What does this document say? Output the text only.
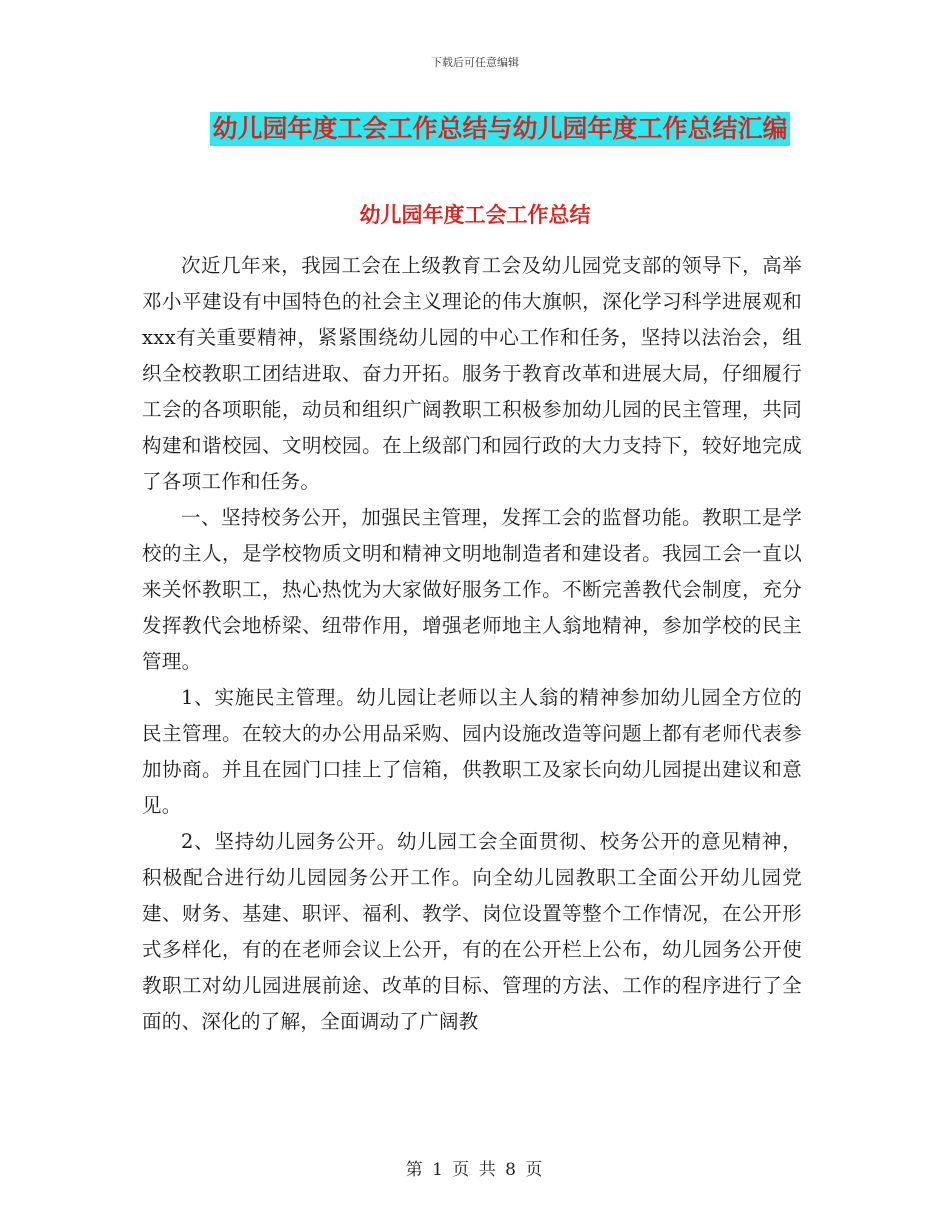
下载后可任意编辑
幼儿园年度工会工作总结与幼儿园年度工作总结汇编
幼儿园年度工会工作总结

次近几年来，我园工会在上级教育工会及幼儿园党支部的领导下，高举邓小平建设有中国特色的社会主义理论的伟大旗帜，深化学习科学进展观和xxx有关重要精神，紧紧围绕幼儿园的中心工作和任务，坚持以法治会，组织全校教职工团结进取、奋力开拓。服务于教育改革和进展大局，仔细履行工会的各项职能，动员和组织广阔教职工积极参加幼儿园的民主管理，共同构建和谐校园、文明校园。在上级部门和园行政的大力支持下，较好地完成了各项工作和任务。

一、坚持校务公开，加强民主管理，发挥工会的监督功能。教职工是学校的主人，是学校物质文明和精神文明地制造者和建设者。我园工会一直以来关怀教职工，热心热忱为大家做好服务工作。不断完善教代会制度，充分发挥教代会地桥梁、纽带作用，增强老师地主人翁地精神，参加学校的民主管理。

1、实施民主管理。幼儿园让老师以主人翁的精神参加幼儿园全方位的民主管理。在较大的办公用品采购、园内设施改造等问题上都有老师代表参加协商。并且在园门口挂上了信箱，供教职工及家长向幼儿园提出建议和意见。

2、坚持幼儿园务公开。幼儿园工会全面贯彻、校务公开的意见精神，积极配合进行幼儿园园务公开工作。向全幼儿园教职工全面公开幼儿园党建、财务、基建、职评、福利、教学、岗位设置等整个工作情况，在公开形式多样化，有的在老师会议上公开，有的在公开栏上公布，幼儿园务公开使教职工对幼儿园进展前途、改革的目标、管理的方法、工作的程序进行了全面的、深化的了解，全面调动了广阔教

第 1 页 共 8 页
